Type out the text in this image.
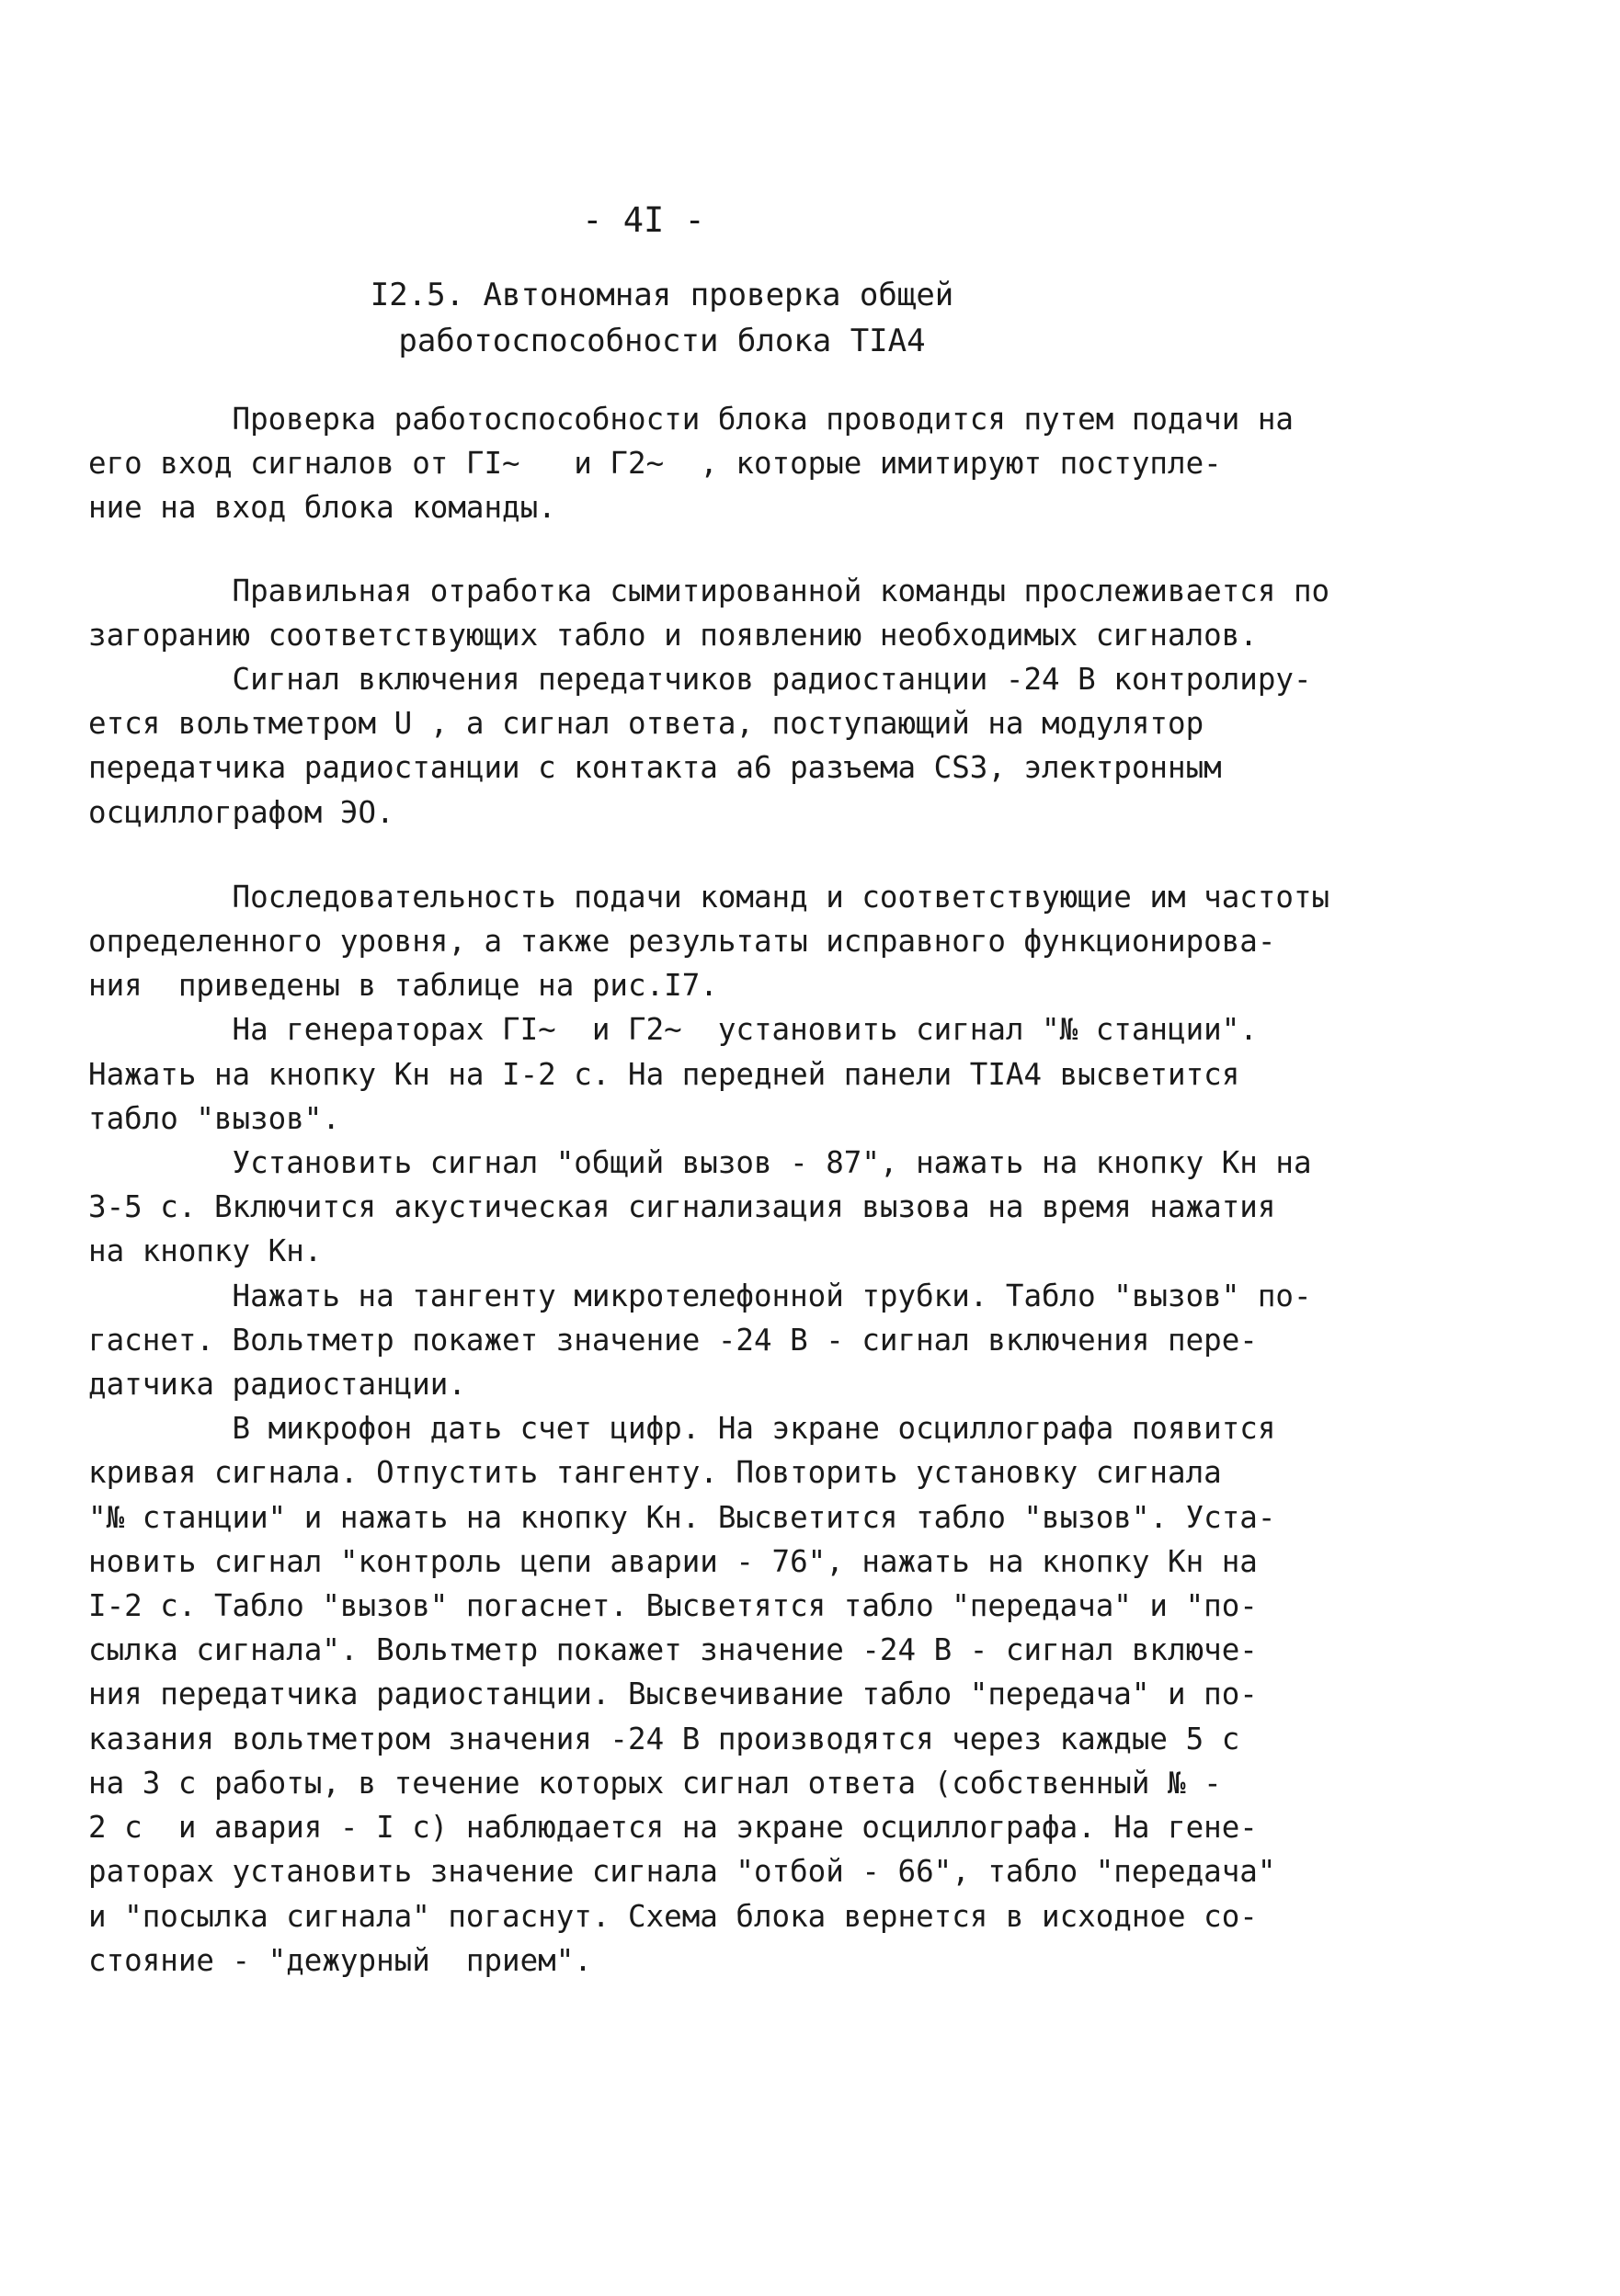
- 4I -
I2.5. Автономная проверка общей
работоспособности блока TIA4
Проверка работоспособности блока проводится путем подачи на
его вход сигналов от ГI~   и Г2~  , которые имитируют поступле-
ние на вход блока команды.
Правильная отработка сымитированной команды прослеживается по
загоранию соответствующих табло и появлению необходимых сигналов.
Сигнал включения передатчиков радиостанции -24 В контролиру-
ется вольтметром U , а сигнал ответа, поступающий на модулятор
передатчика радиостанции с контакта а6 разъема СS3, электронным
осциллографом ЭО.
Последовательность подачи команд и соответствующие им частоты
определенного уровня, а также результаты исправного функционирова-
ния  приведены в таблице на рис.I7.
На генераторах ГI~  и Г2~  установить сигнал "№ станции".
Нажать на кнопку Кн на I-2 с. На передней панели TIA4 высветится
табло "вызов".
Установить сигнал "общий вызов - 87", нажать на кнопку Кн на
3-5 с. Включится акустическая сигнализация вызова на время нажатия
на кнопку Кн.
Нажать на тангенту микротелефонной трубки. Табло "вызов" по-
гаснет. Вольтметр покажет значение -24 В - сигнал включения пере-
датчика радиостанции.
В микрофон дать счет цифр. На экране осциллографа появится
кривая сигнала. Отпустить тангенту. Повторить установку сигнала
"№ станции" и нажать на кнопку Кн. Высветится табло "вызов". Уста-
новить сигнал "контроль цепи аварии - 76", нажать на кнопку Кн на
I-2 с. Табло "вызов" погаснет. Высветятся табло "передача" и "по-
сылка сигнала". Вольтметр покажет значение -24 В - сигнал включе-
ния передатчика радиостанции. Высвечивание табло "передача" и по-
казания вольтметром значения -24 В производятся через каждые 5 с
на 3 с работы, в течение которых сигнал ответа (собственный № -
2 с  и авария - I с) наблюдается на экране осциллографа. На гене-
раторах установить значение сигнала "отбой - 66", табло "передача"
и "посылка сигнала" погаснут. Схема блока вернется в исходное со-
стояние - "дежурный  прием".
